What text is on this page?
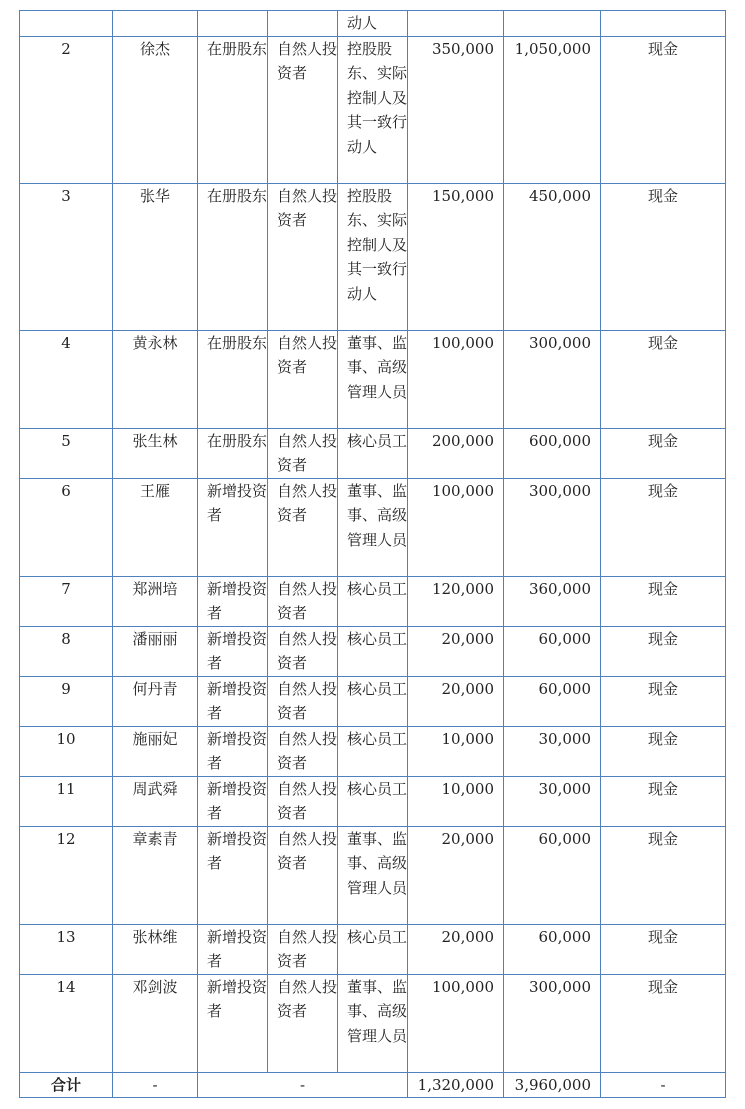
				动人			
2	徐杰	在册股东	自然人投资者	控股股东、实际控制人及其一致行动人	350,000	1,050,000	现金
3	张华	在册股东	自然人投资者	控股股东、实际控制人及其一致行动人	150,000	450,000	现金
4	黄永林	在册股东	自然人投资者	董事、监事、高级管理人员	100,000	300,000	现金
5	张生林	在册股东	自然人投资者	核心员工	200,000	600,000	现金
6	王雁	新增投资者	自然人投资者	董事、监事、高级管理人员	100,000	300,000	现金
7	郑洲培	新增投资者	自然人投资者	核心员工	120,000	360,000	现金
8	潘丽丽	新增投资者	自然人投资者	核心员工	20,000	60,000	现金
9	何丹青	新增投资者	自然人投资者	核心员工	20,000	60,000	现金
10	施丽妃	新增投资者	自然人投资者	核心员工	10,000	30,000	现金
11	周武舜	新增投资者	自然人投资者	核心员工	10,000	30,000	现金
12	章素青	新增投资者	自然人投资者	董事、监事、高级管理人员	20,000	60,000	现金
13	张林维	新增投资者	自然人投资者	核心员工	20,000	60,000	现金
14	邓剑波	新增投资者	自然人投资者	董事、监事、高级管理人员	100,000	300,000	现金
合计	-	-			1,320,000	3,960,000	-
